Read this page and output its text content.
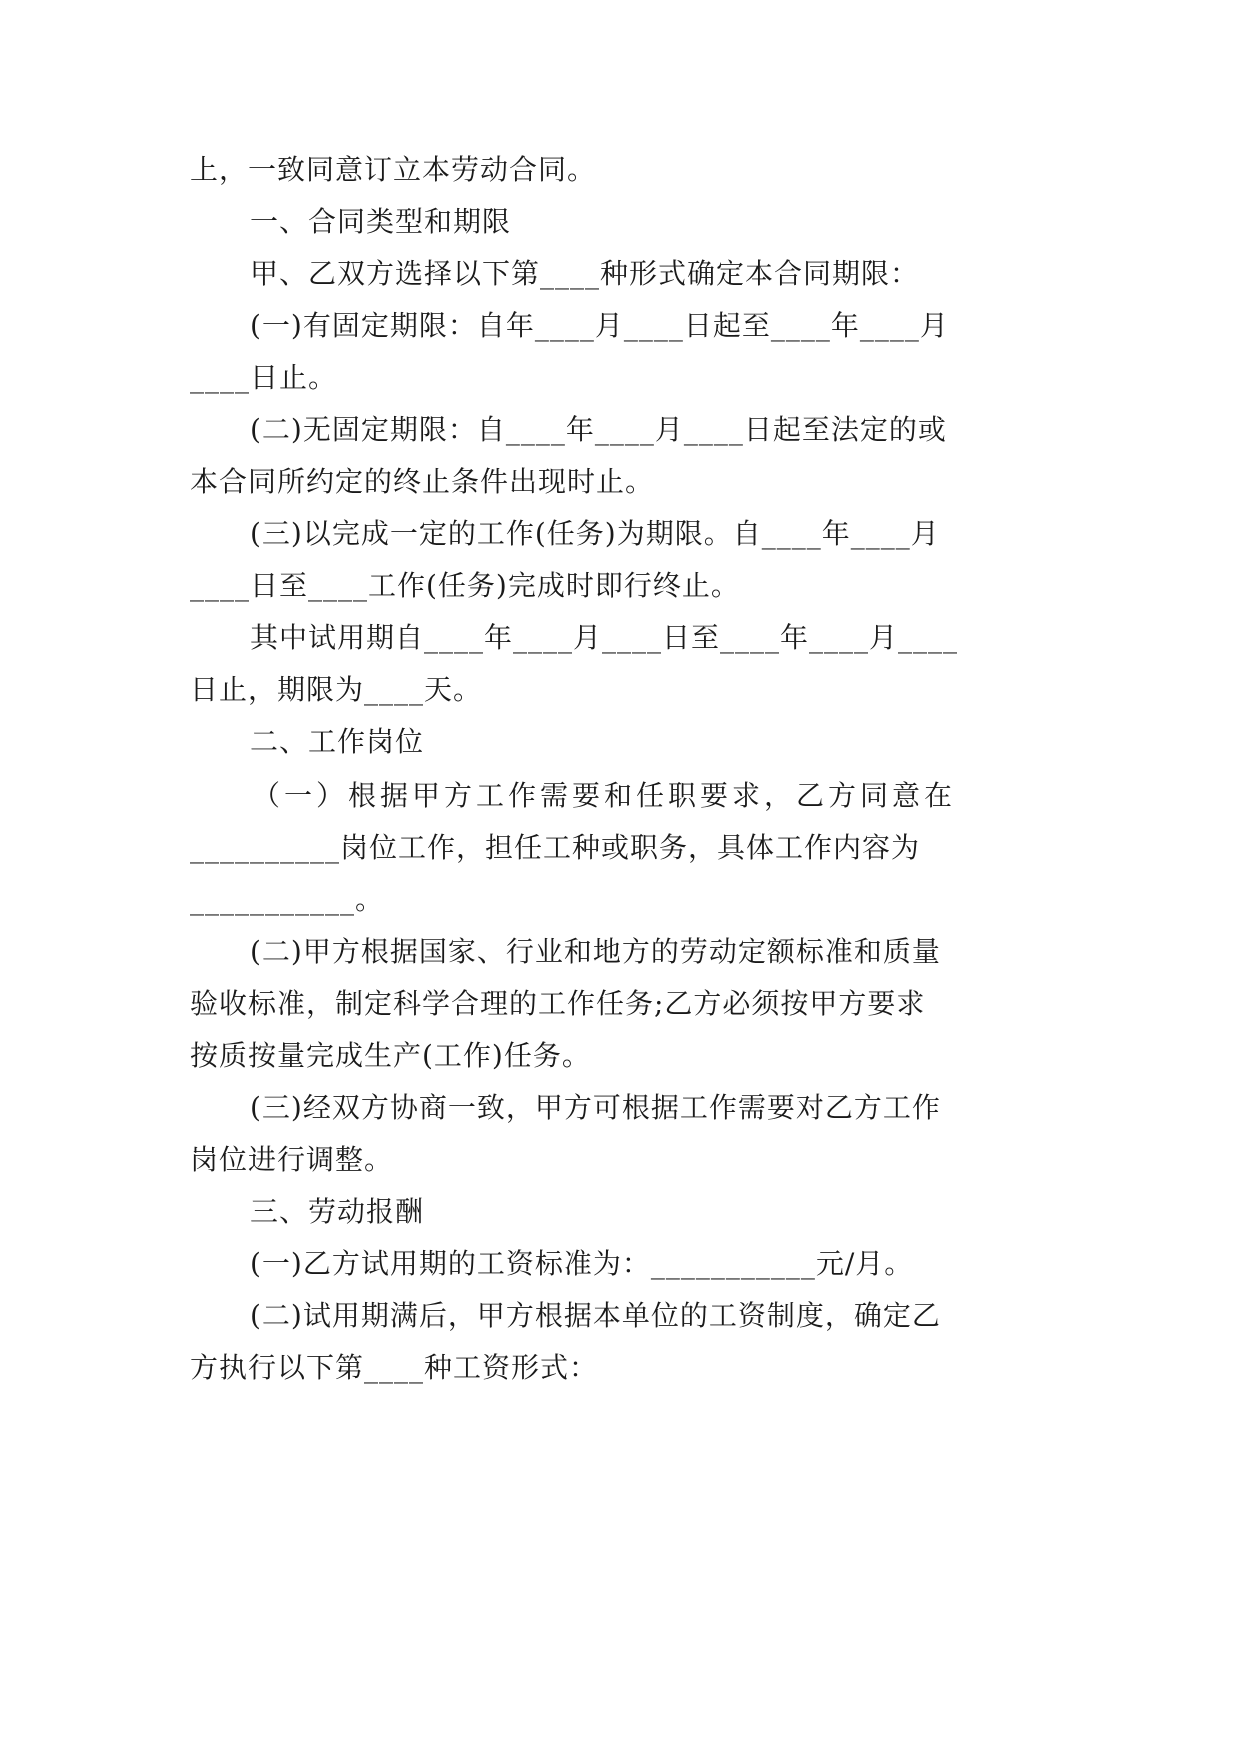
上，一致同意订立本劳动合同。

一、合同类型和期限

甲、乙双方选择以下第____种形式确定本合同期限：

(一)有固定期限：自年____月____日起至____年____月

____日止。

(二)无固定期限：自____年____月____日起至法定的或

本合同所约定的终止条件出现时止。

(三)以完成一定的工作(任务)为期限。自____年____月

____日至____工作(任务)完成时即行终止。

其中试用期自____年____月____日至____年____月____

日止，期限为____天。

二、工作岗位

（一）根据甲方工作需要和任职要求，乙方同意在

__________岗位工作，担任工种或职务，具体工作内容为

___________。

(二)甲方根据国家、行业和地方的劳动定额标准和质量

验收标准，制定科学合理的工作任务;乙方必须按甲方要求

按质按量完成生产(工作)任务。

(三)经双方协商一致，甲方可根据工作需要对乙方工作

岗位进行调整。

三、劳动报酬

(一)乙方试用期的工资标准为：___________元/月。

(二)试用期满后，甲方根据本单位的工资制度，确定乙

方执行以下第____种工资形式：
